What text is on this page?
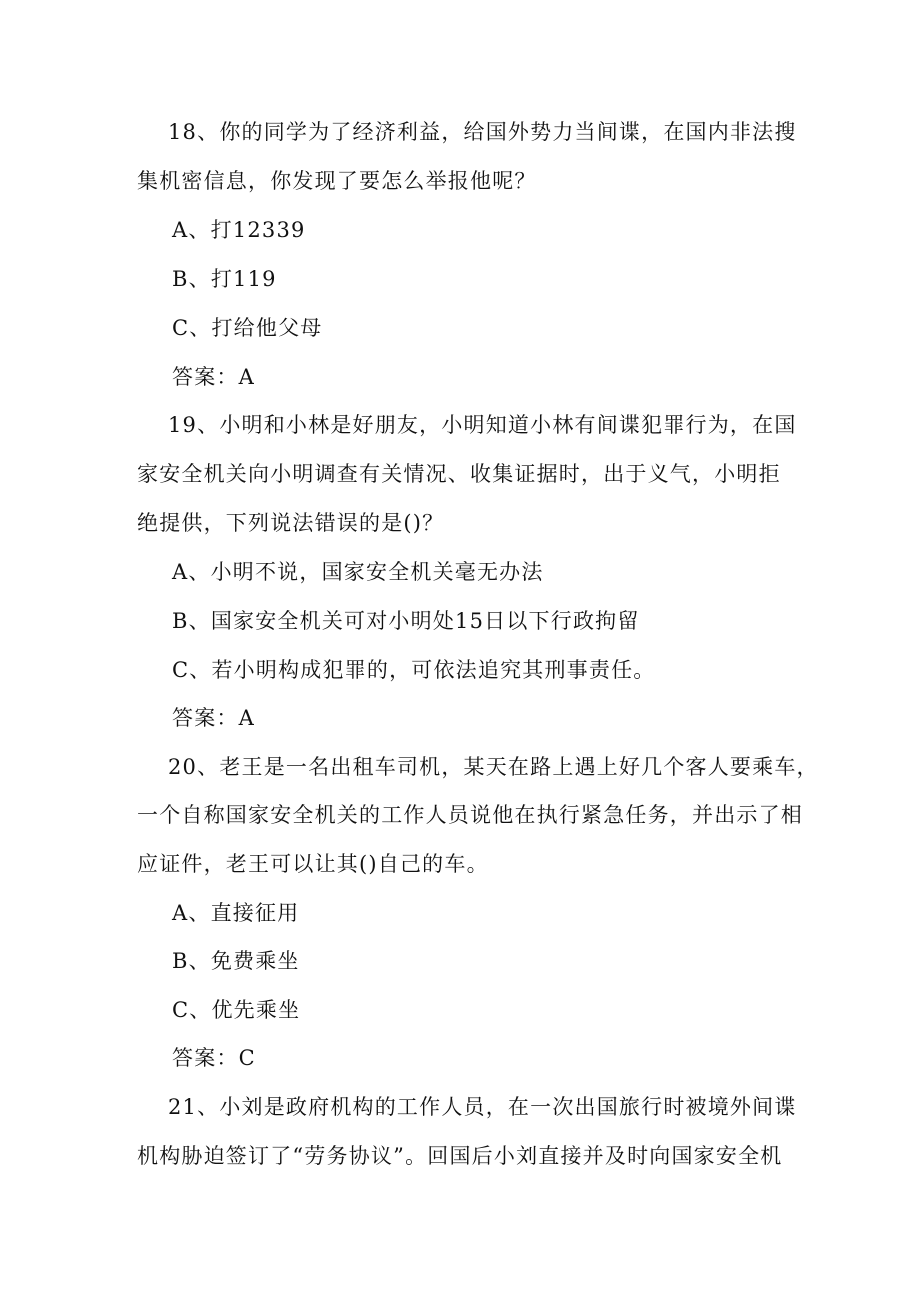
18、你的同学为了经济利益，给国外势力当间谍，在国内非法搜
集机密信息，你发现了要怎么举报他呢？
A、打12339
B、打119
C、打给他父母
答案：A
19、小明和小林是好朋友，小明知道小林有间谍犯罪行为，在国
家安全机关向小明调查有关情况、收集证据时，出于义气，小明拒
绝提供，下列说法错误的是()？
A、小明不说，国家安全机关毫无办法
B、国家安全机关可对小明处15日以下行政拘留
C、若小明构成犯罪的，可依法追究其刑事责任。
答案：A
20、老王是一名出租车司机，某天在路上遇上好几个客人要乘车，
一个自称国家安全机关的工作人员说他在执行紧急任务，并出示了相
应证件，老王可以让其()自己的车。
A、直接征用
B、免费乘坐
C、优先乘坐
答案：C
21、小刘是政府机构的工作人员，在一次出国旅行时被境外间谍
机构胁迫签订了“劳务协议”。回国后小刘直接并及时向国家安全机
